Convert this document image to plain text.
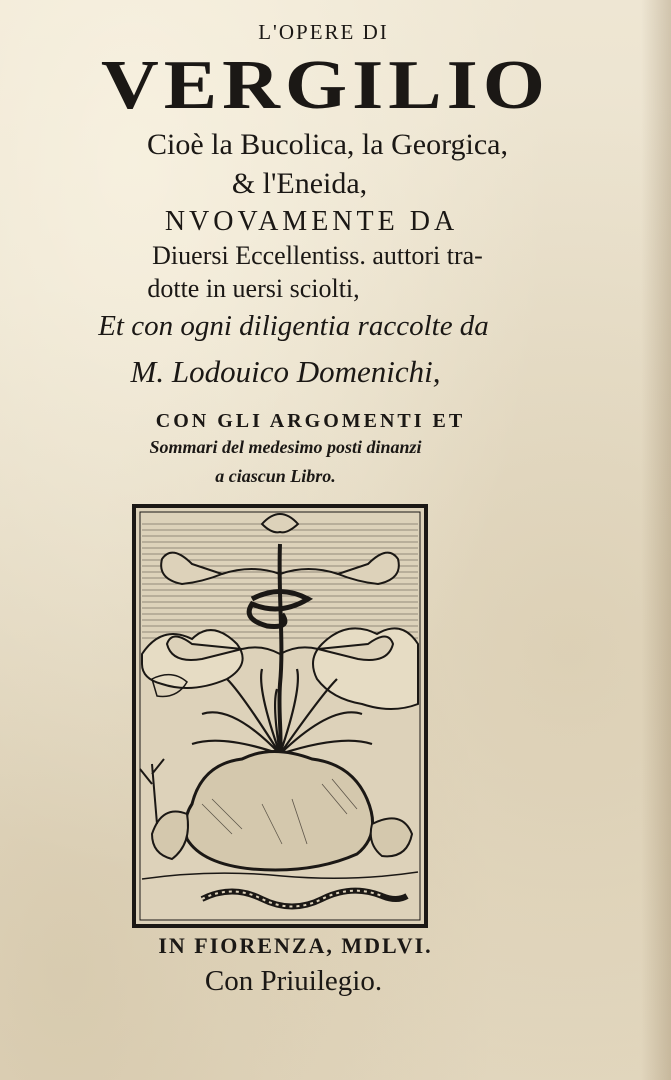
L'OPERE DI
VERGILIO
Cioè la Bucolica, la Georgica,
& l'Eneida,
NVOVAMENTE DA
Diuersi Eccellentiss. auttori tra-
dotte in uersi sciolti,
Et con ogni diligentia raccolte da
M. Lodouico Domenichi,
CON GLI ARGOMENTI ET
Sommari del medesimo posti dinanzi
a ciascun Libro.
IN FIORENZA, MDLVI.
Con Priuilegio.
